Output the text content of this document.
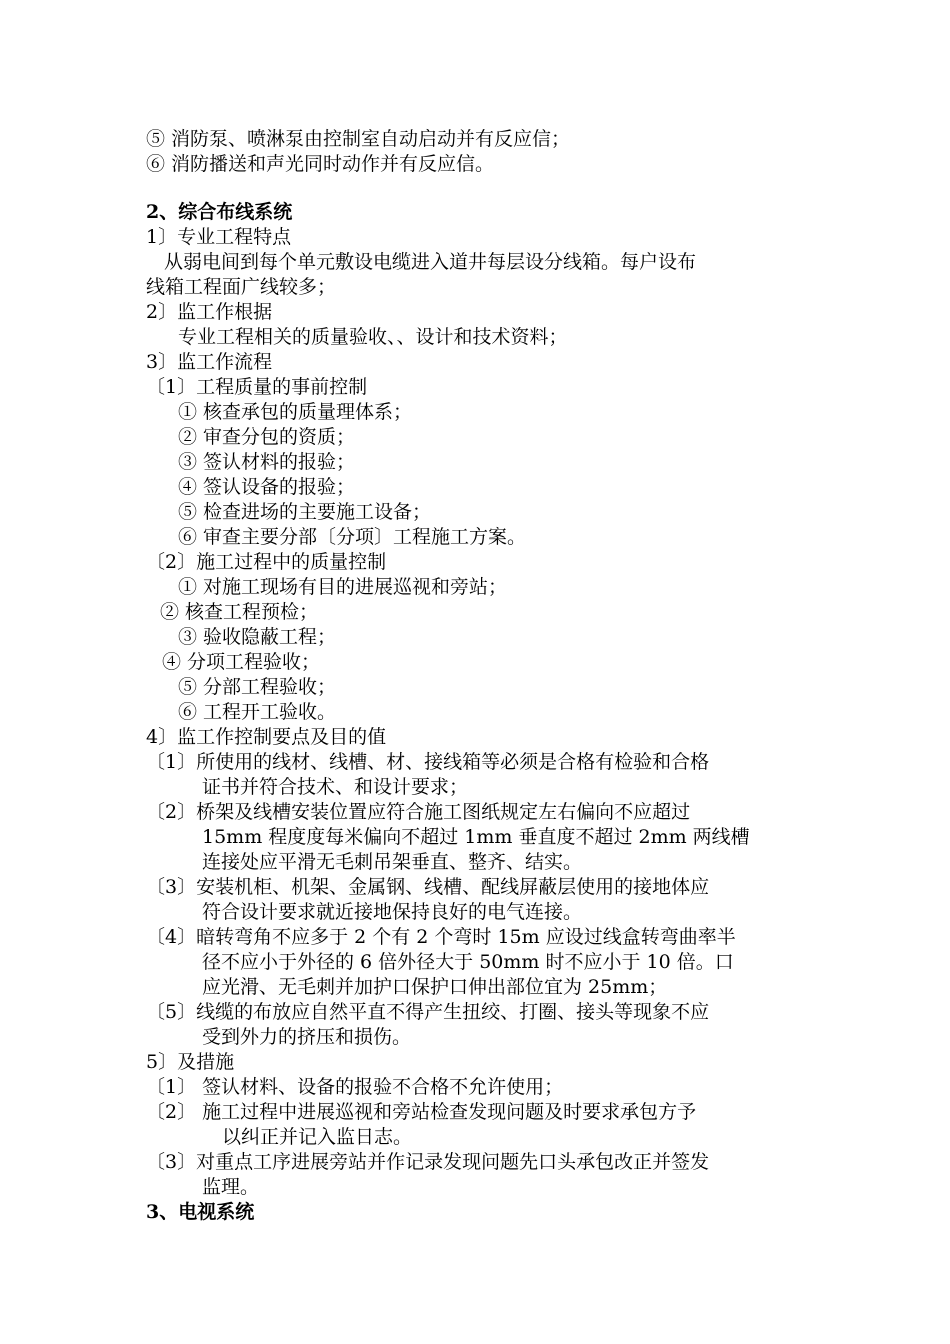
⑤ 消防泵、喷淋泵由控制室自动启动并有反应信；
⑥ 消防播送和声光同时动作并有反应信。
2、综合布线系统
1〕专业工程特点
从弱电间到每个单元敷设电缆进入道井每层设分线箱。每户设布
线箱工程面广线较多；
2〕监工作根据
专业工程相关的质量验收、、设计和技术资料；
3〕监工作流程
〔1〕工程质量的事前控制
① 核查承包的质量理体系；
② 审查分包的资质；
③ 签认材料的报验；
④ 签认设备的报验；
⑤ 检查进场的主要施工设备；
⑥ 审查主要分部〔分项〕工程施工方案。
〔2〕施工过程中的质量控制
① 对施工现场有目的进展巡视和旁站；
② 核查工程预检；
③ 验收隐蔽工程；
④ 分项工程验收；
⑤ 分部工程验收；
⑥ 工程开工验收。
4〕监工作控制要点及目的值
〔1〕所使用的线材、线槽、材、接线箱等必须是合格有检验和合格
证书并符合技术、和设计要求；
〔2〕桥架及线槽安装位置应符合施工图纸规定左右偏向不应超过
15mm 程度度每米偏向不超过 1mm 垂直度不超过 2mm 两线槽
连接处应平滑无毛刺吊架垂直、整齐、结实。
〔3〕安装机柜、机架、金属钢、线槽、配线屏蔽层使用的接地体应
符合设计要求就近接地保持良好的电气连接。
〔4〕暗转弯角不应多于 2 个有 2 个弯时 15m 应设过线盒转弯曲率半
径不应小于外径的 6 倍外径大于 50mm 时不应小于 10 倍。口
应光滑、无毛刺并加护口保护口伸出部位宜为 25mm；
〔5〕线缆的布放应自然平直不得产生扭绞、打圈、接头等现象不应
受到外力的挤压和损伤。
5〕及措施
〔1〕 签认材料、设备的报验不合格不允许使用；
〔2〕 施工过程中进展巡视和旁站检查发现问题及时要求承包方予
以纠正并记入监日志。
〔3〕对重点工序进展旁站并作记录发现问题先口头承包改正并签发
监理。
3、电视系统
